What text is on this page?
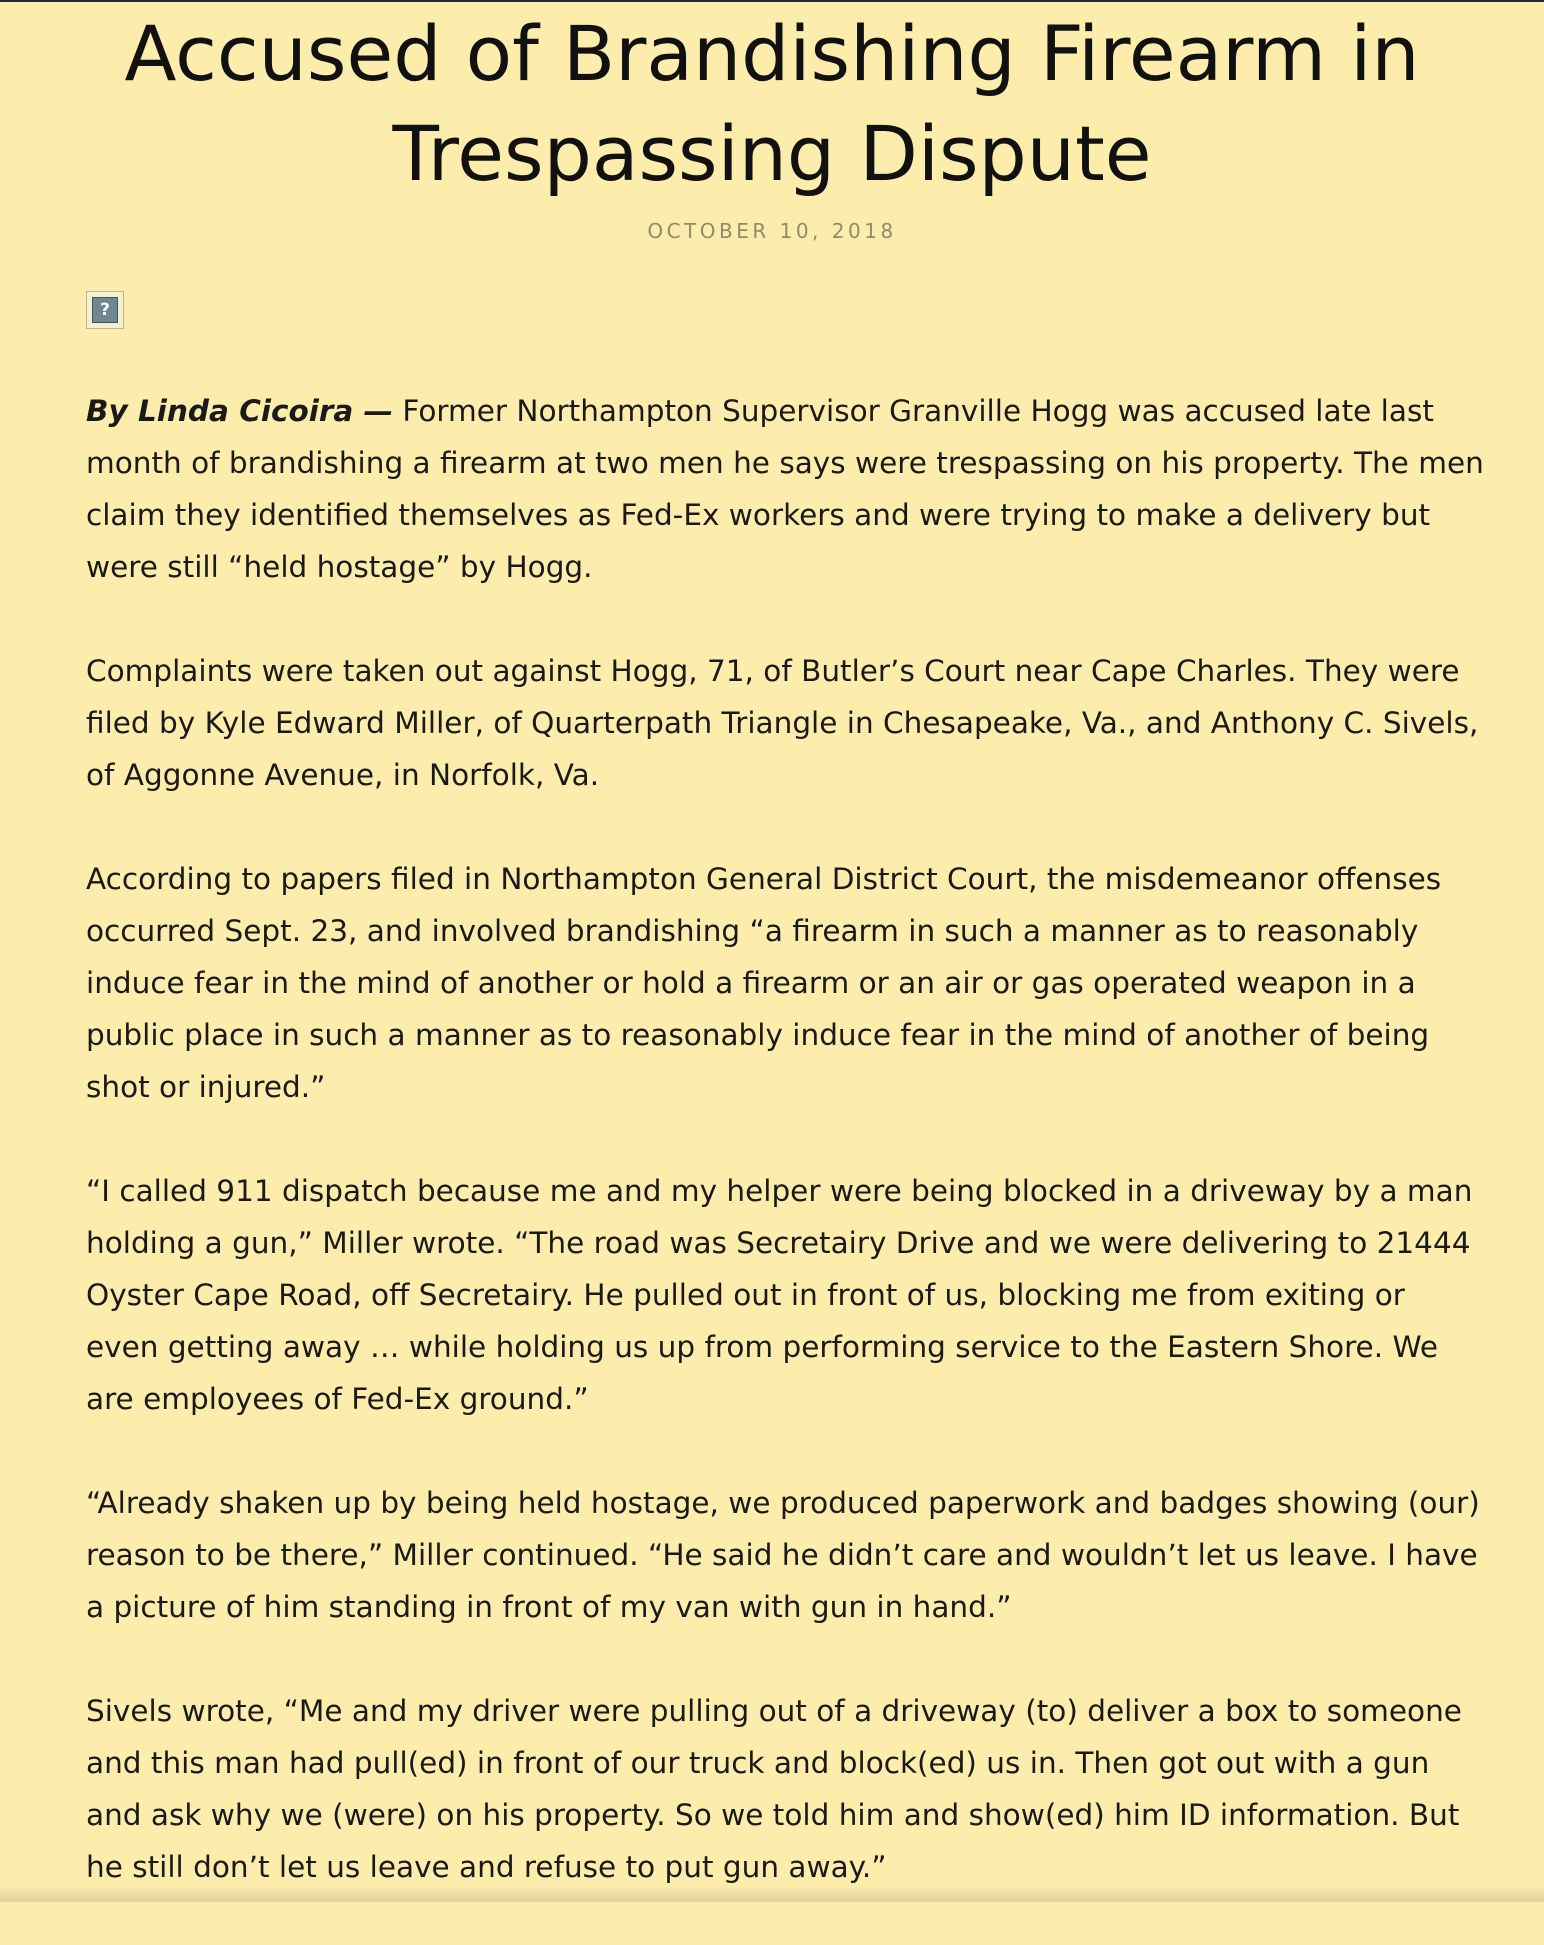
Accused of Brandishing Firearm in Trespassing Dispute
OCTOBER 10, 2018
?

By Linda Cicoira — Former Northampton Supervisor Granville Hogg was accused late last month of brandishing a firearm at two men he says were trespassing on his property. The men claim they identified themselves as Fed-Ex workers and were trying to make a delivery but were still “held hostage” by Hogg.

Complaints were taken out against Hogg, 71, of Butler’s Court near Cape Charles. They were filed by Kyle Edward Miller, of Quarterpath Triangle in Chesapeake, Va., and Anthony C. Sivels, of Aggonne Avenue, in Norfolk, Va.

According to papers filed in Northampton General District Court, the misdemeanor offenses occurred Sept. 23, and involved brandishing “a firearm in such a manner as to reasonably induce fear in the mind of another or hold a firearm or an air or gas operated weapon in a public place in such a manner as to reasonably induce fear in the mind of another of being shot or injured.”

“I called 911 dispatch because me and my helper were being blocked in a driveway by a man holding a gun,” Miller wrote. “The road was Secretairy Drive and we were delivering to 21444 Oyster Cape Road, off Secretairy. He pulled out in front of us, blocking me from exiting or even getting away … while holding us up from performing service to the Eastern Shore. We are employees of Fed-Ex ground.”

“Already shaken up by being held hostage, we produced paperwork and badges showing (our) reason to be there,” Miller continued. “He said he didn’t care and wouldn’t let us leave. I have a picture of him standing in front of my van with gun in hand.”

Sivels wrote, “Me and my driver were pulling out of a driveway (to) deliver a box to someone and this man had pull(ed) in front of our truck and block(ed) us in. Then got out with a gun and ask why we (were) on his property. So we told him and show(ed) him ID information. But he still don’t let us leave and refuse to put gun away.”
